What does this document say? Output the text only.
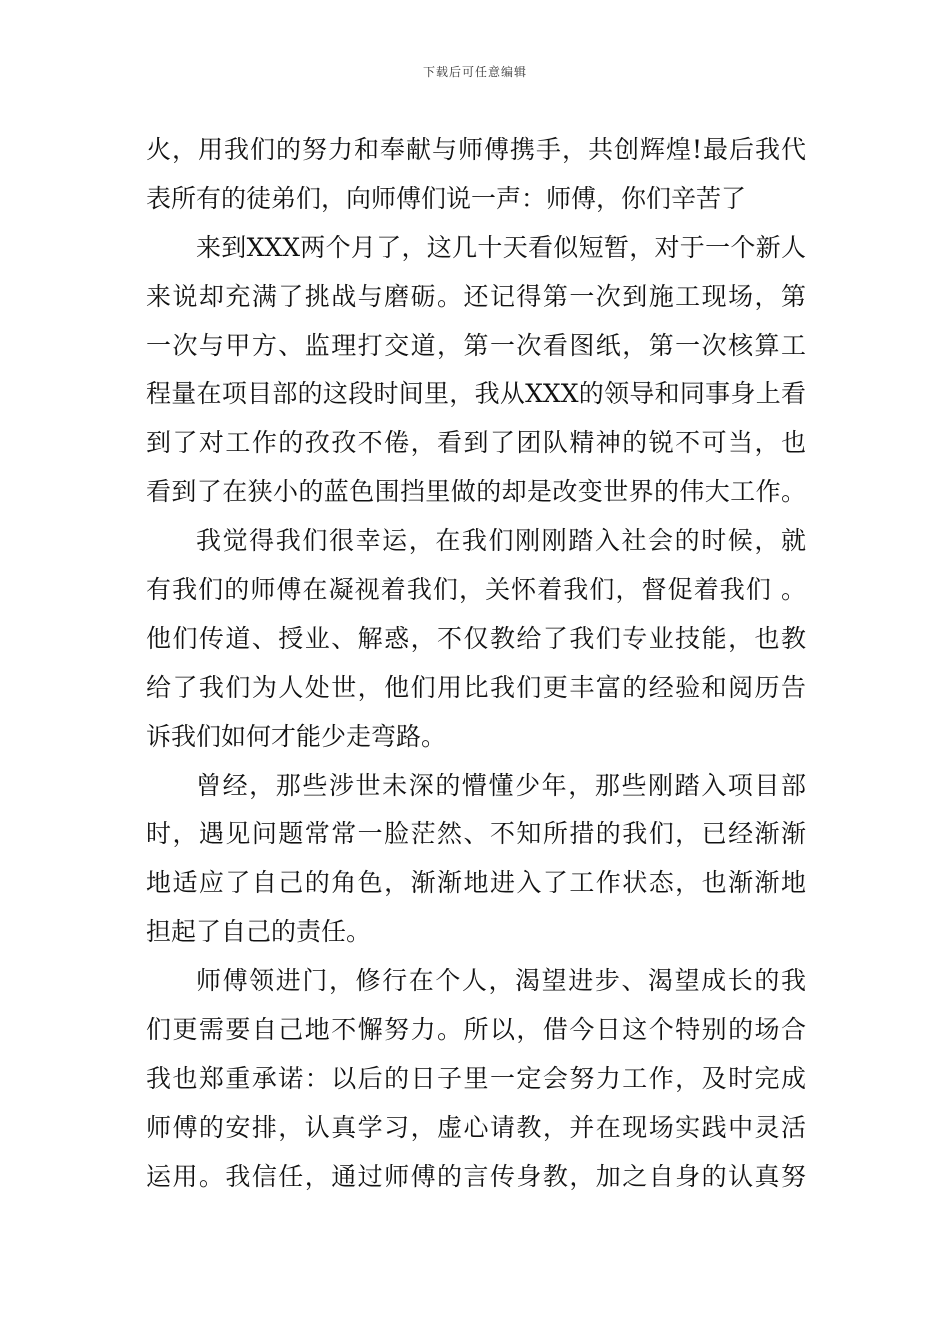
下载后可任意编辑
火，用我们的努力和奉献与师傅携手，共创辉煌!最后我代
表所有的徒弟们，向师傅们说一声：师傅，你们辛苦了
来到XXX两个月了，这几十天看似短暂，对于一个新人
来说却充满了挑战与磨砺。还记得第一次到施工现场，第
一次与甲方、监理打交道，第一次看图纸，第一次核算工
程量在项目部的这段时间里，我从XXX的领导和同事身上看
到了对工作的孜孜不倦，看到了团队精神的锐不可当，也
看到了在狭小的蓝色围挡里做的却是改变世界的伟大工作。
我觉得我们很幸运，在我们刚刚踏入社会的时候，就
有我们的师傅在凝视着我们，关怀着我们，督促着我们 。
他们传道、授业、解惑，不仅教给了我们专业技能，也教
给了我们为人处世，他们用比我们更丰富的经验和阅历告
诉我们如何才能少走弯路。
曾经，那些涉世未深的懵懂少年，那些刚踏入项目部
时，遇见问题常常一脸茫然、不知所措的我们，已经渐渐
地适应了自己的角色，渐渐地进入了工作状态，也渐渐地
担起了自己的责任。
师傅领进门，修行在个人，渴望进步、渴望成长的我
们更需要自己地不懈努力。所以，借今日这个特别的场合
我也郑重承诺：以后的日子里一定会努力工作，及时完成
师傅的安排，认真学习，虚心请教，并在现场实践中灵活
运用。我信任，通过师傅的言传身教，加之自身的认真努
